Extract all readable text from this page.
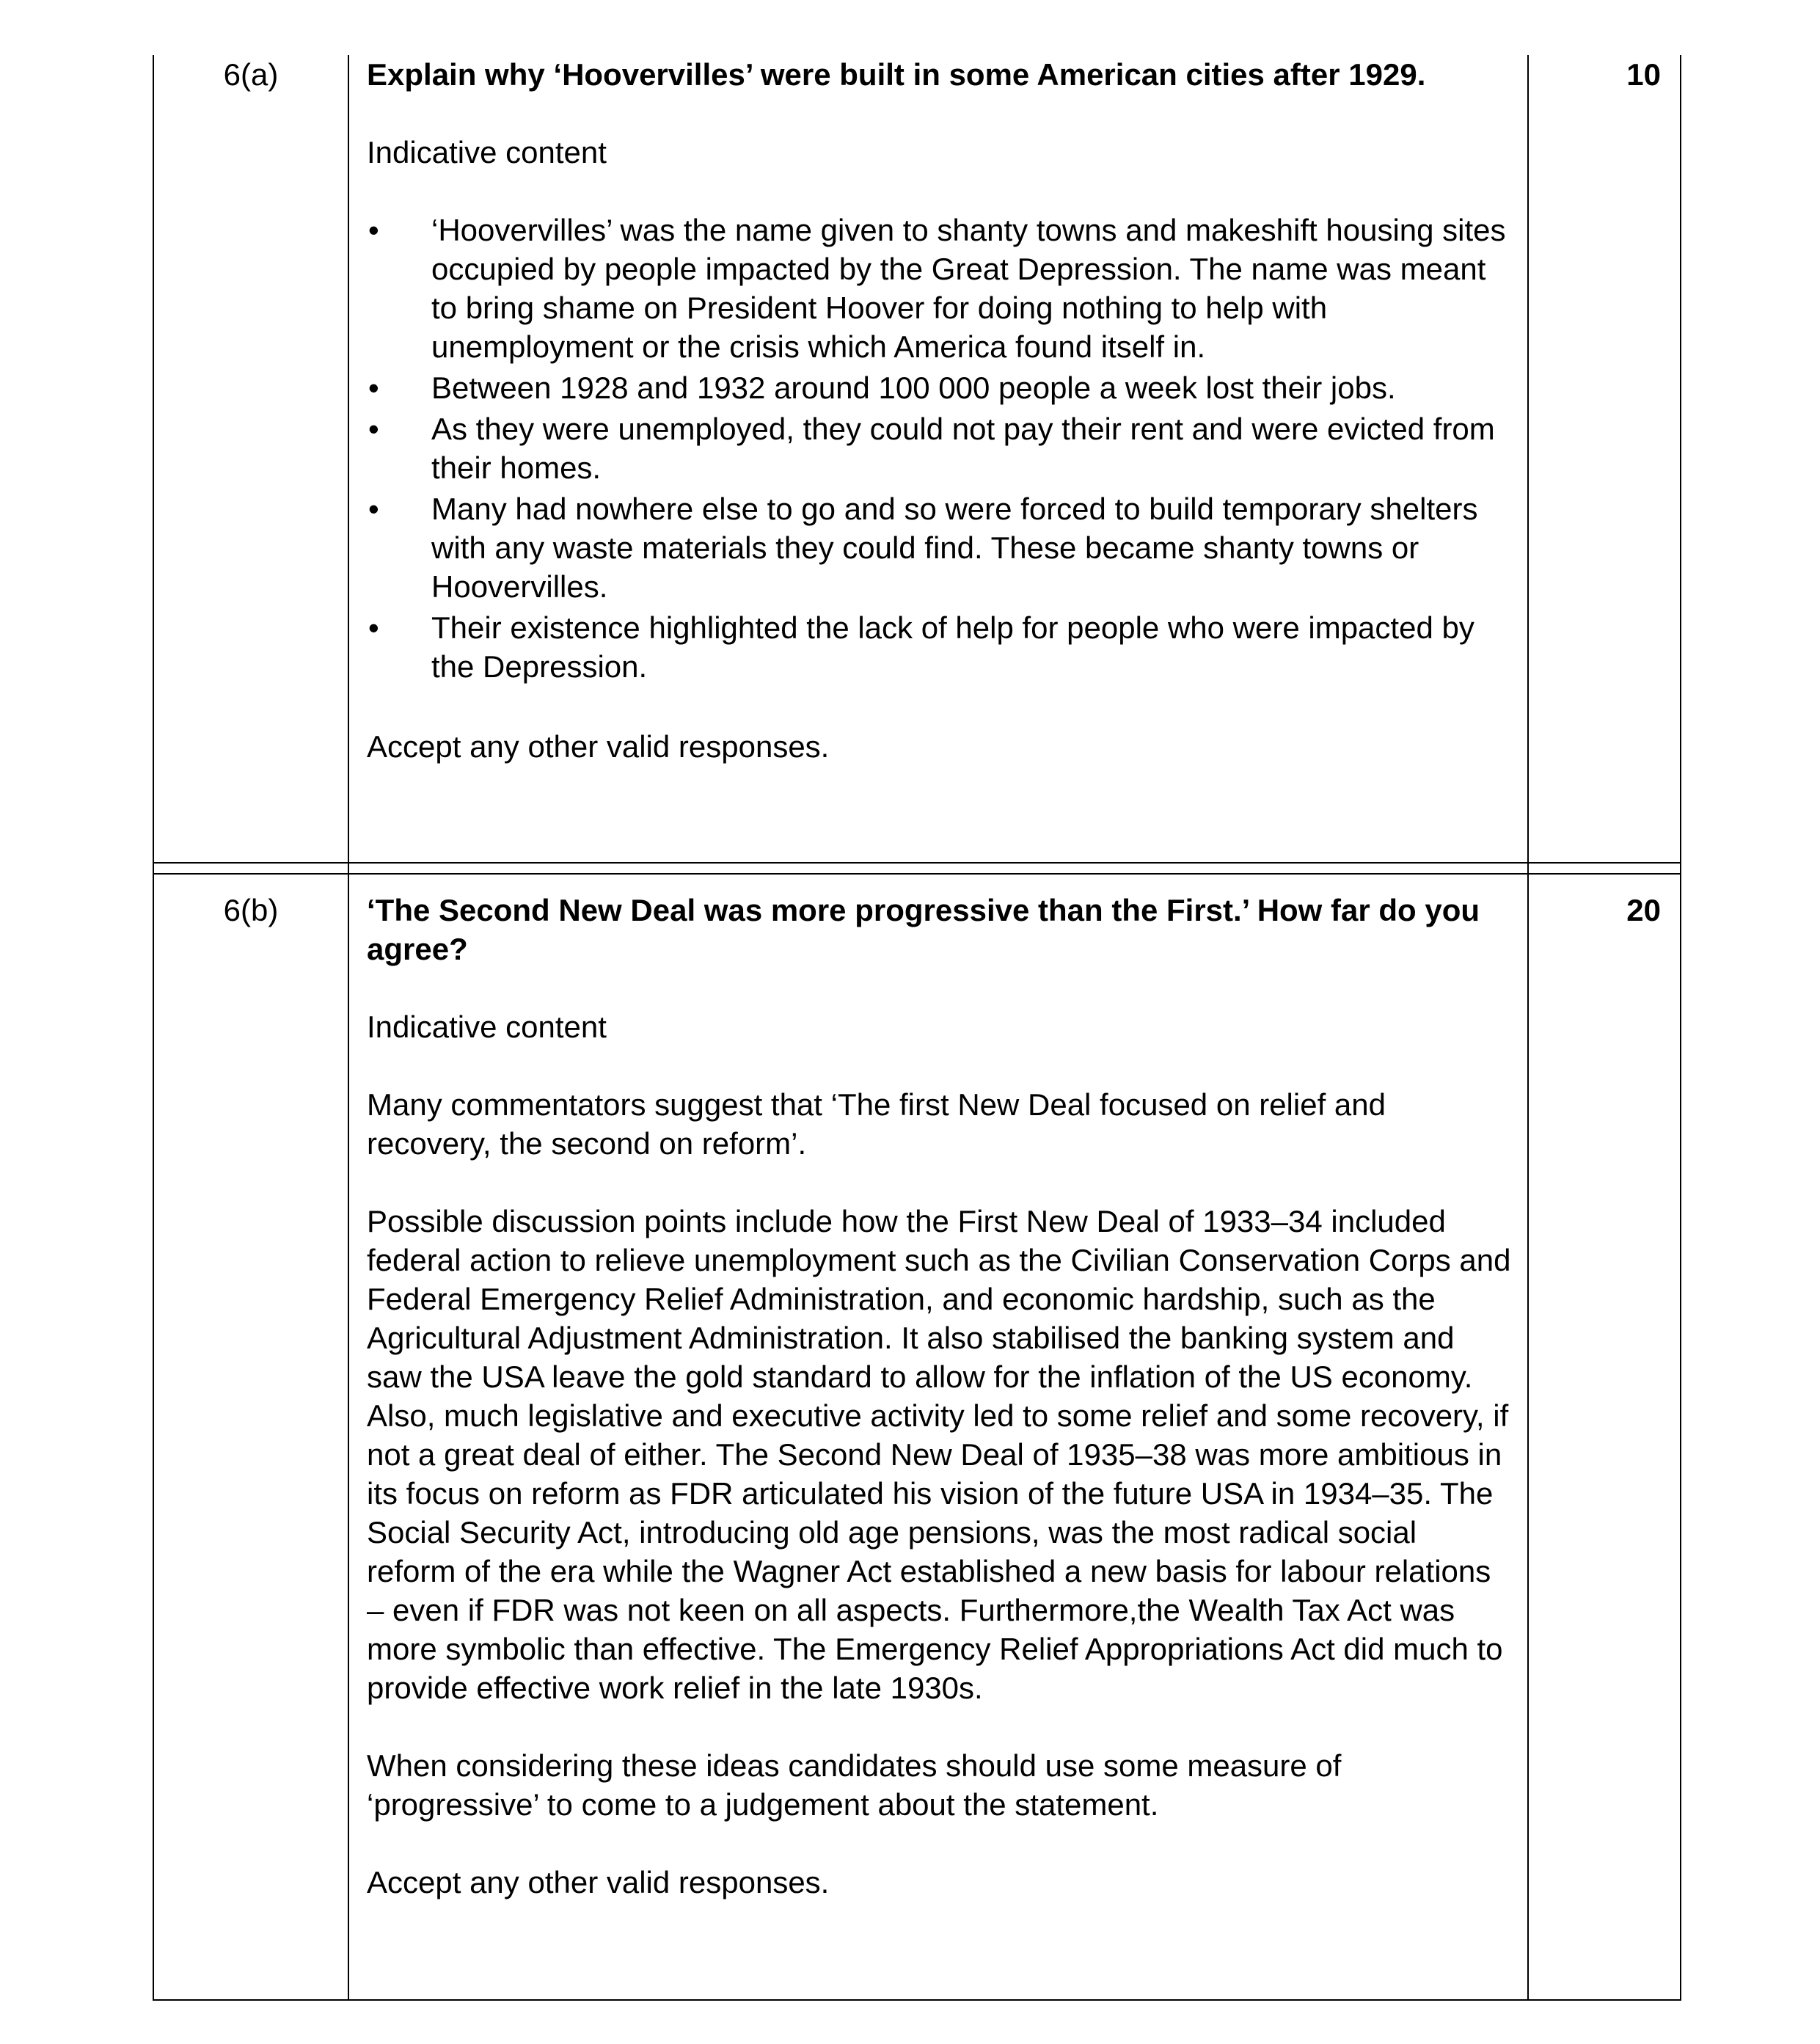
6(a)	10

Explain why ‘Hoovervilles’ were built in some American cities after 1929.

Indicative content

• ‘Hoovervilles’ was the name given to shanty towns and makeshift housing sites occupied by people impacted by the Great Depression. The name was meant to bring shame on President Hoover for doing nothing to help with unemployment or the crisis which America found itself in.
• Between 1928 and 1932 around 100 000 people a week lost their jobs.
• As they were unemployed, they could not pay their rent and were evicted from their homes.
• Many had nowhere else to go and so were forced to build temporary shelters with any waste materials they could find. These became shanty towns or Hoovervilles.
• Their existence highlighted the lack of help for people who were impacted by the Depression.

Accept any other valid responses.

6(b)	20

‘The Second New Deal was more progressive than the First.’ How far do you agree?

Indicative content

Many commentators suggest that ‘The first New Deal focused on relief and recovery, the second on reform’.

Possible discussion points include how the First New Deal of 1933–34 included federal action to relieve unemployment such as the Civilian Conservation Corps and Federal Emergency Relief Administration, and economic hardship, such as the Agricultural Adjustment Administration. It also stabilised the banking system and saw the USA leave the gold standard to allow for the inflation of the US economy. Also, much legislative and executive activity led to some relief and some recovery, if not a great deal of either. The Second New Deal of 1935–38 was more ambitious in its focus on reform as FDR articulated his vision of the future USA in 1934–35. The Social Security Act, introducing old age pensions, was the most radical social reform of the era while the Wagner Act established a new basis for labour relations – even if FDR was not keen on all aspects. Furthermore,the Wealth Tax Act was more symbolic than effective. The Emergency Relief Appropriations Act did much to provide effective work relief in the late 1930s.

When considering these ideas candidates should use some measure of ‘progressive’ to come to a judgement about the statement.

Accept any other valid responses.
